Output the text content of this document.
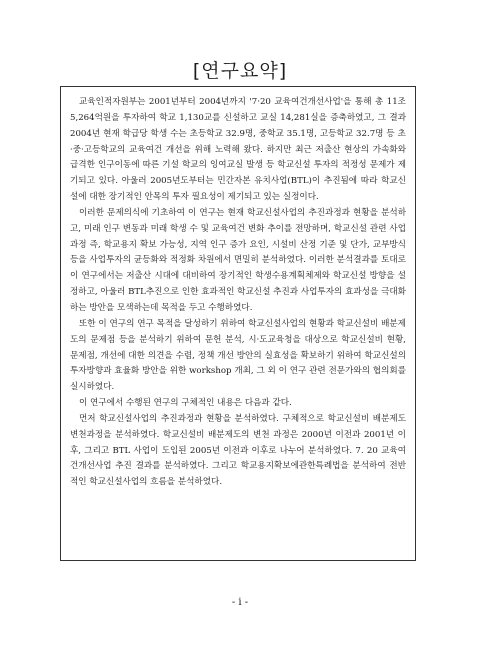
[연구요약]

교육인적자원부는 2001년부터 2004년까지 '7·20 교육여건개선사업'을 통해 총 11조 5,264억원을 투자하여 학교 1,130교를 신설하고 교실 14,281실을 증축하였고, 그 결과 2004년 현재 학급당 학생 수는 초등학교 32.9명, 중학교 35.1명, 고등학교 32.7명 등 초·중·고등학교의 교육여건 개선을 위해 노력해 왔다. 하지만 최근 저출산 현상의 가속화와 급격한 인구이동에 따른 기설 학교의 잉여교실 발생 등 학교신설 투자의 적정성 문제가 제기되고 있다. 아울러 2005년도부터는 민간자본 유치사업(BTL)이 추진됨에 따라 학교신설에 대한 장기적인 안목의 투자 필요성이 제기되고 있는 실정이다.

이러한 문제의식에 기초하여 이 연구는 현재 학교신설사업의 추진과정과 현황을 분석하고, 미래 인구 변동과 미래 학생 수 및 교육여건 변화 추이를 전망하며, 학교신설 관련 사업과정 즉, 학교용지 확보 가능성, 지역 인구 증가 요인, 시설비 산정 기준 및 단가, 교부방식 등을 사업투자의 균등화와 적정화 차원에서 면밀히 분석하였다. 이러한 분석결과를 토대로 이 연구에서는 저출산 시대에 대비하여 장기적인 학생수용계획체제와 학교신설 방향을 설정하고, 아울러 BTL추진으로 인한 효과적인 학교신설 추진과 사업투자의 효과성을 극대화하는 방안을 모색하는데 목적을 두고 수행하였다.

또한 이 연구의 연구 목적을 달성하기 위하여 학교신설사업의 현황과 학교신설비 배분제도의 문제점 등을 분석하기 위하여 문헌 분석, 시·도교육청을 대상으로 학교신설비 현황, 문제점, 개선에 대한 의견을 수렴, 정책 개선 방안의 실효성을 확보하기 위하여 학교신설의 투자방향과 효율화 방안을 위한 workshop 개최, 그 외 이 연구 관련 전문가와의 협의회를 실시하였다.

이 연구에서 수행된 연구의 구체적인 내용은 다음과 같다.

먼저 학교신설사업의 추진과정과 현황을 분석하였다. 구체적으로 학교신설비 배분제도 변천과정을 분석하였다. 학교신설비 배분제도의 변천 과정은 2000년 이전과 2001년 이후, 그리고 BTL 사업이 도입된 2005년 이전과 이후로 나누어 분석하였다. 7. 20 교육여건개선사업 추진 결과를 분석하였다. 그리고 학교용지확보에관한특례법을 분석하여 전반적인 학교신설사업의 흐름을 분석하였다.

- i -
